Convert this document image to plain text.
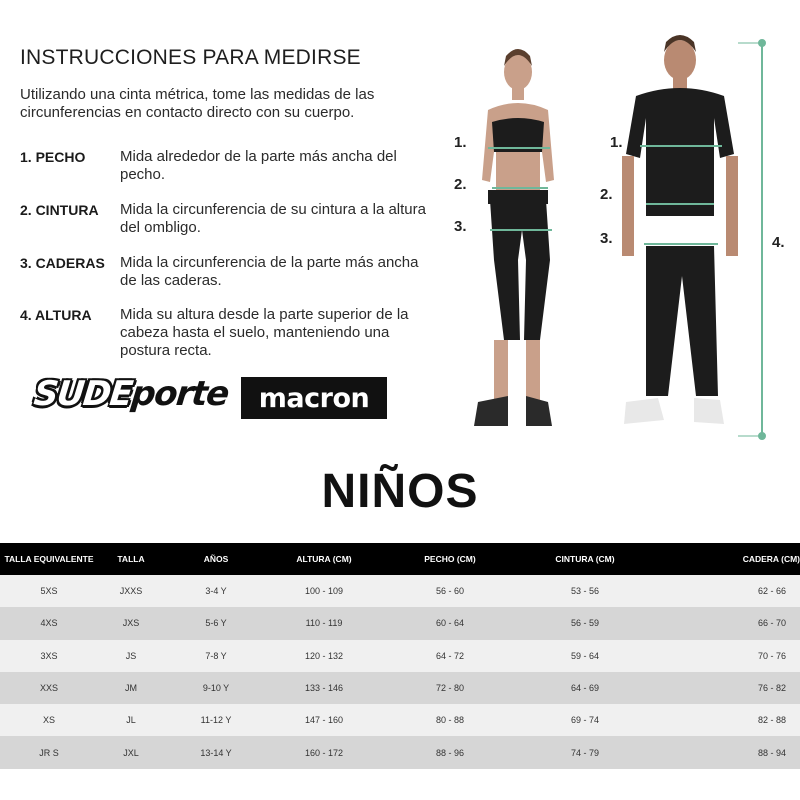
INSTRUCCIONES PARA MEDIRSE

Utilizando una cinta métrica, tome las medidas de las circunferencias en contacto directo con su cuerpo.

1. PECHO	Mida alrededor de la parte más ancha del pecho.
2. CINTURA	Mida la circunferencia de su cintura a la altura del ombligo.
3. CADERAS	Mida la circunferencia de la parte más ancha de las caderas.
4. ALTURA	Mida su altura desde la parte superior de la cabeza hasta el suelo, manteniendo una postura recta.
SUDEporte macron
1.
2.
3.
1.
2.
3.	4.
NIÑOS
TALLA EQUIVALENTE	TALLA	AÑOS	ALTURA (CM)	PECHO (CM)	CINTURA (CM)	CADERA (CM)
5XS	JXXS	3-4 Y	100 - 109	56 - 60	53 - 56	62 - 66
4XS	JXS	5-6 Y	110 - 119	60 - 64	56 - 59	66 - 70
3XS	JS	7-8 Y	120 - 132	64 - 72	59 - 64	70 - 76
XXS	JM	9-10 Y	133 - 146	72 - 80	64 - 69	76 - 82
XS	JL	11-12 Y	147 - 160	80 - 88	69 - 74	82 - 88
JR S	JXL	13-14 Y	160 - 172	88 - 96	74 - 79	88 - 94
